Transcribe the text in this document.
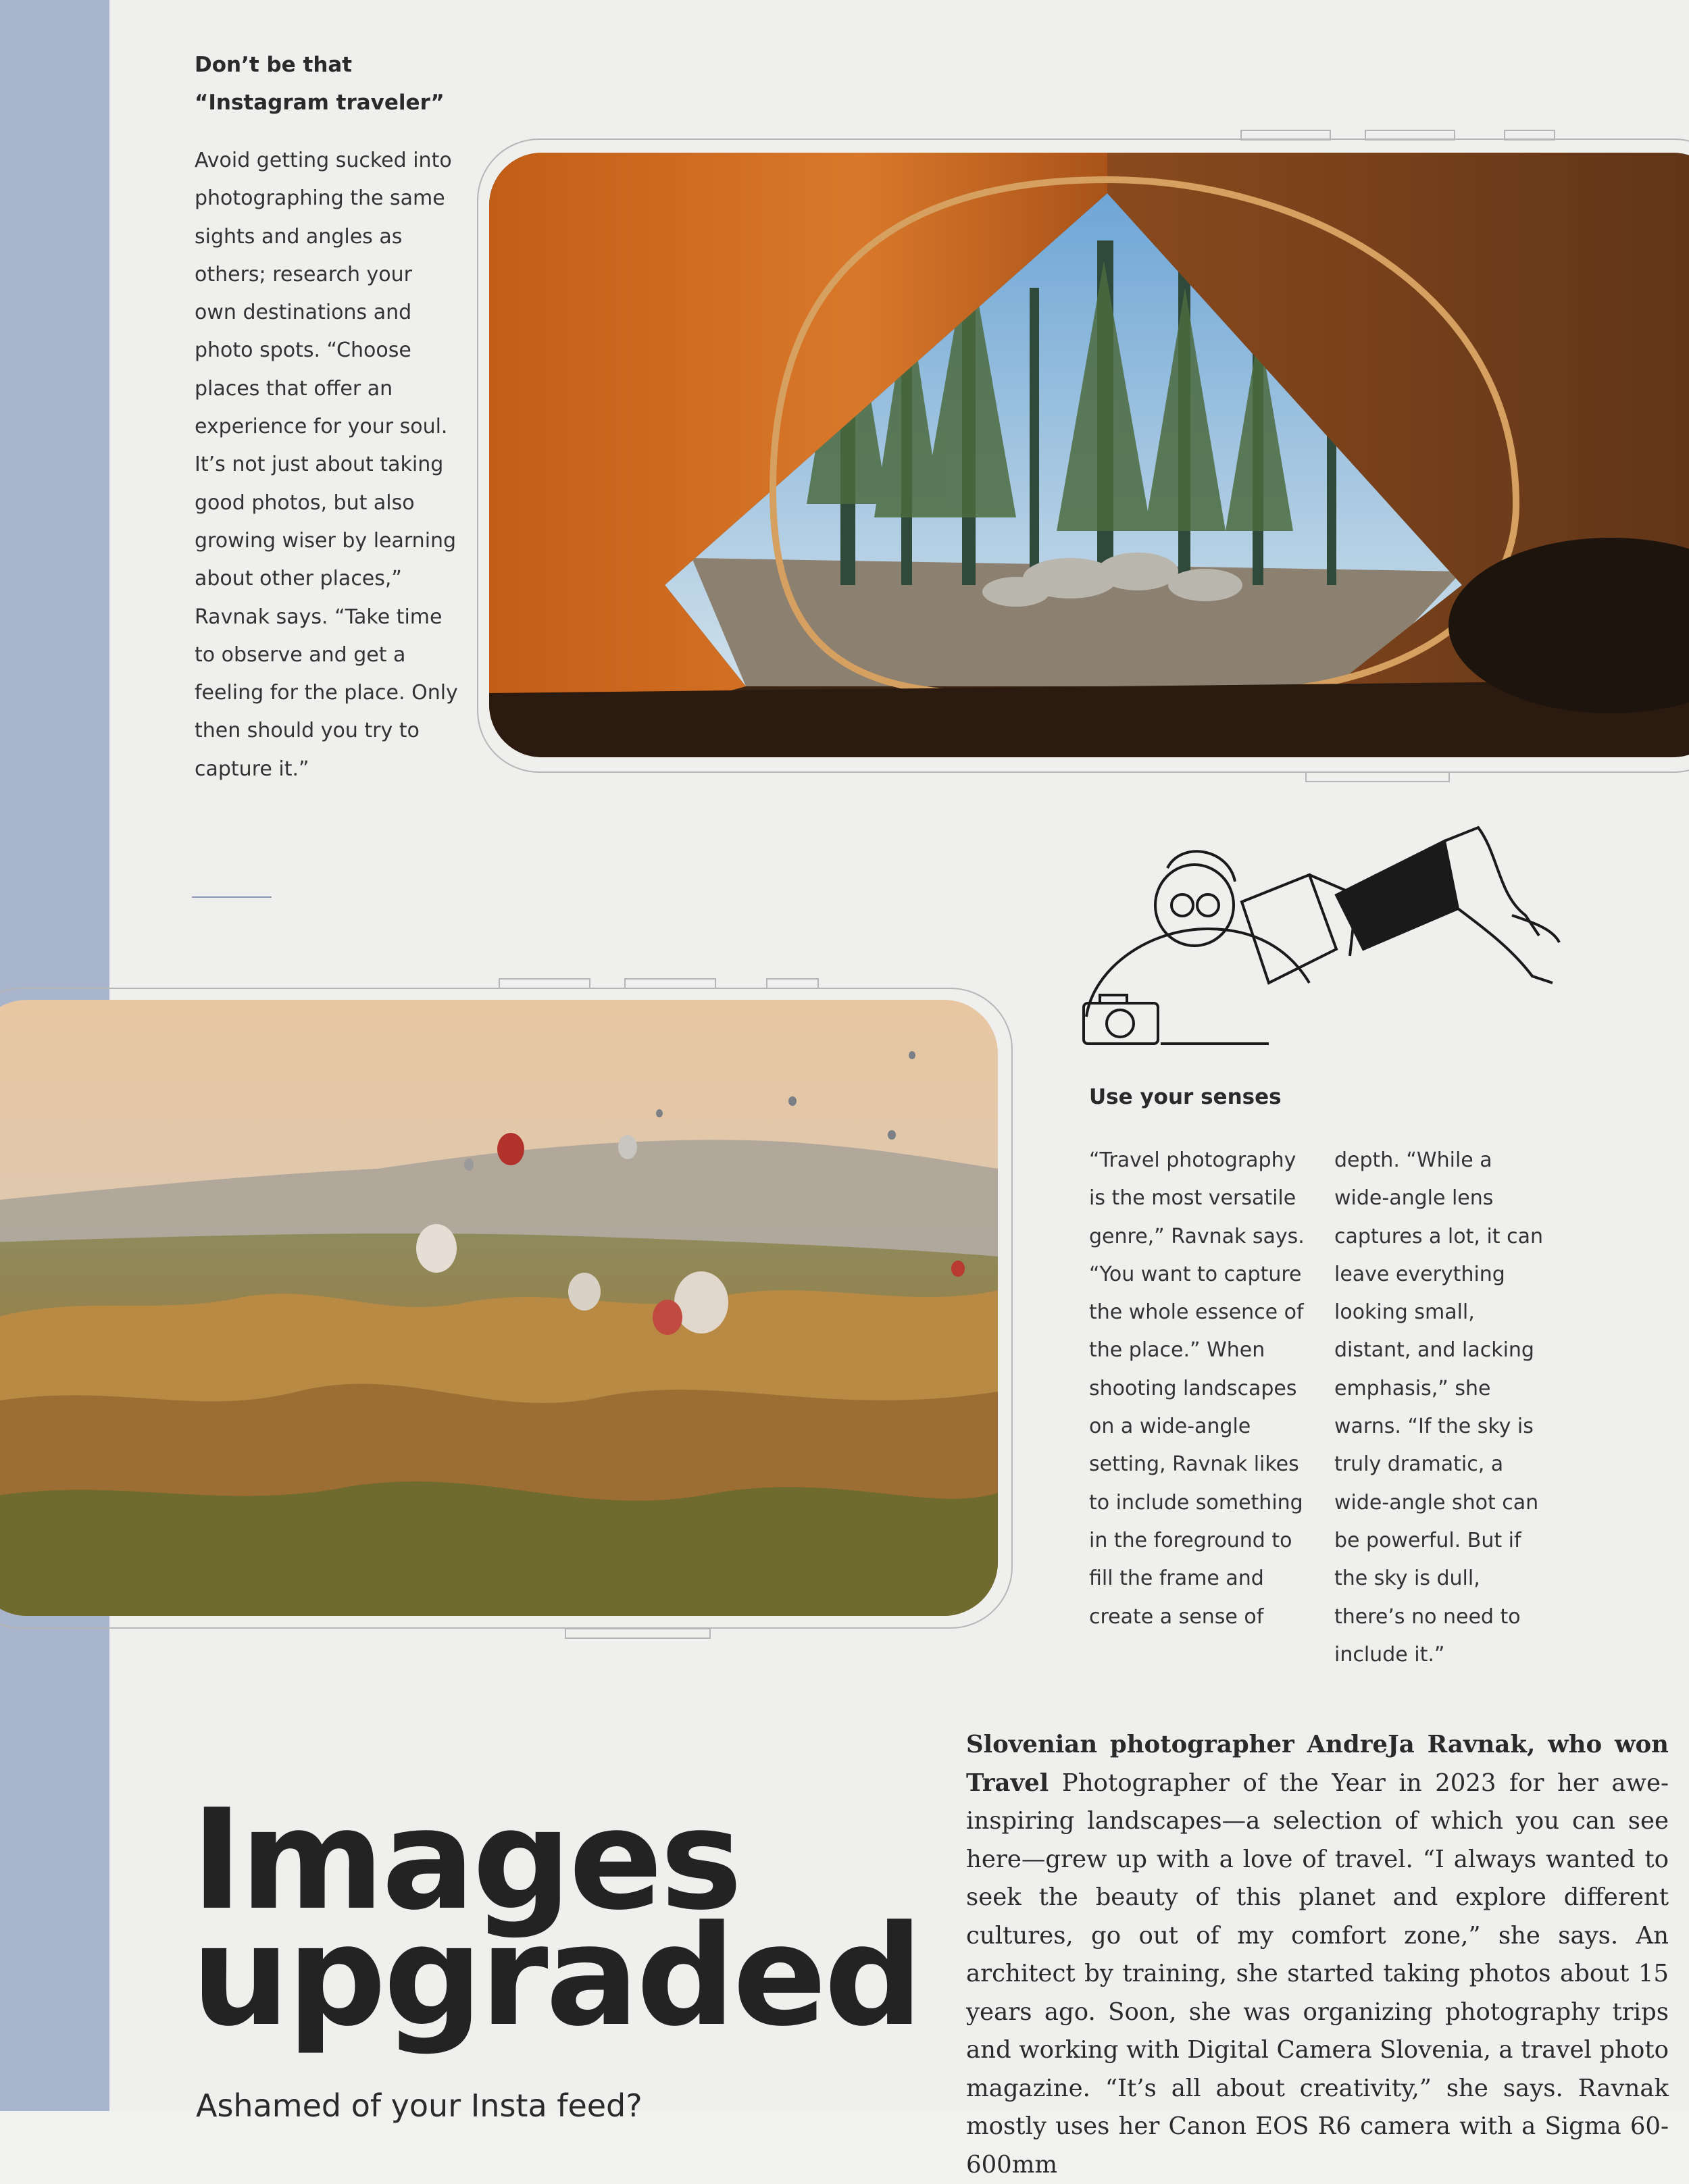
Don’t be that “Instagram traveler”
Avoid getting sucked into photographing the same sights and angles as others; research your own destinations and photo spots. “Choose places that offer an experience for your soul. It’s not just about taking good photos, but also growing wiser by learning about other places,” Ravnak says. “Take time to observe and get a feeling for the place. Only then should you try to capture it.”
Use your senses
“Travel photography is the most versatile genre,” Ravnak says. “You want to capture the whole essence of the place.” When shooting landscapes on a wide-angle setting, Ravnak likes to include something in the foreground to fill the frame and create a sense of
depth. “While a wide-angle lens captures a lot, it can leave everything looking small, distant, and lacking emphasis,” she warns. “If the sky is truly dramatic, a wide-angle shot can be powerful. But if the sky is dull, there’s no need to include it.”
Images
upgraded
Ashamed of your Insta feed?
Slovenian photographer AndreJa Ravnak, who won Travel Photographer of the Year in 2023 for her awe-inspiring landscapes—a selection of which you can see here—grew up with a love of travel. “I always wanted to seek the beauty of this planet and explore different cultures, go out of my comfort zone,” she says. An architect by training, she started taking photos about 15 years ago. Soon, she was organizing photography trips and working with Digital Camera Slovenia, a travel photo magazine. “It’s all about creativity,” she says. Ravnak mostly uses her Canon EOS R6 camera with a Sigma 60-600mm
